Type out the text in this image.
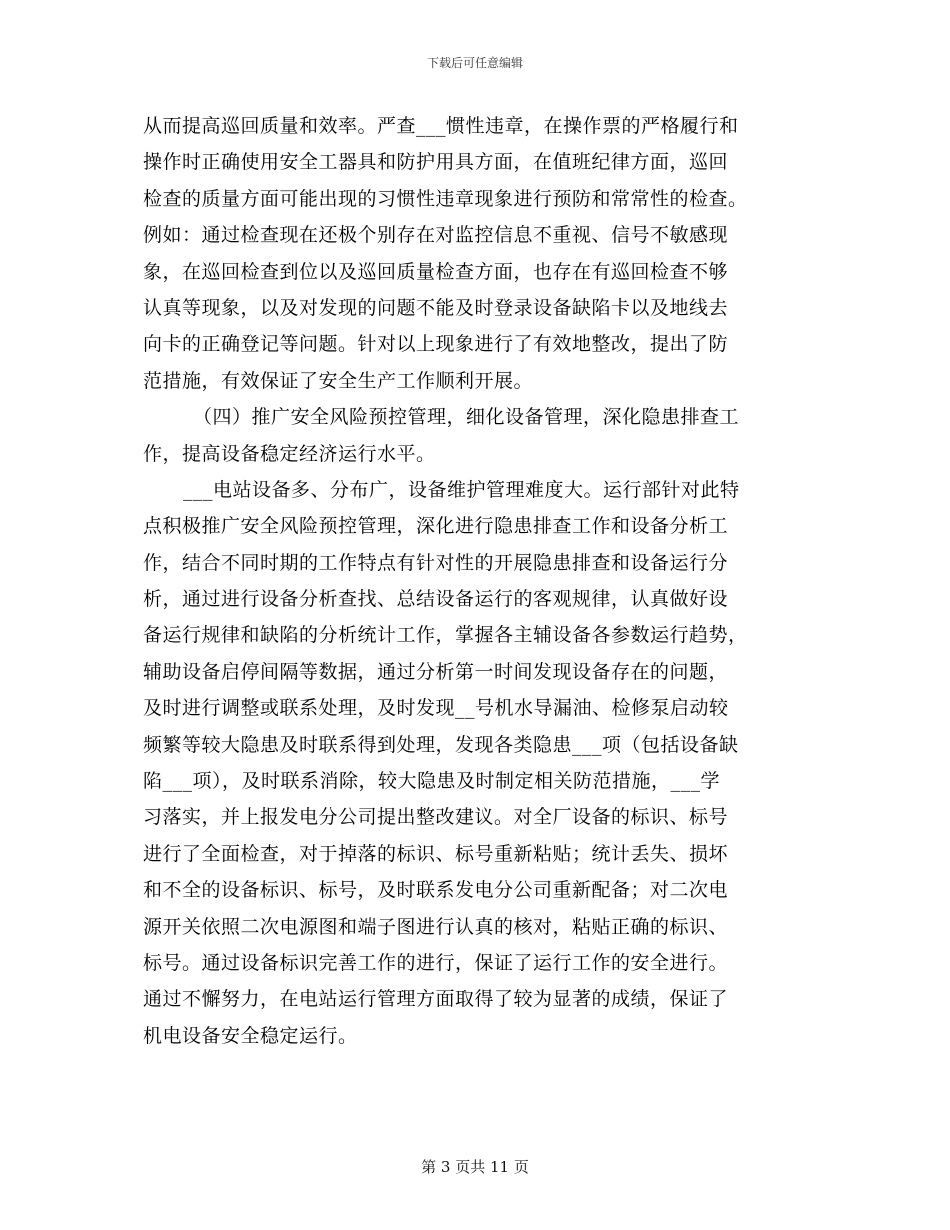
下载后可任意编辑
从而提高巡回质量和效率。严查___惯性违章，在操作票的严格履行和
操作时正确使用安全工器具和防护用具方面，在值班纪律方面，巡回
检查的质量方面可能出现的习惯性违章现象进行预防和常常性的检查。
例如：通过检查现在还极个别存在对监控信息不重视、信号不敏感现
象，在巡回检查到位以及巡回质量检查方面，也存在有巡回检查不够
认真等现象，以及对发现的问题不能及时登录设备缺陷卡以及地线去
向卡的正确登记等问题。针对以上现象进行了有效地整改，提出了防
范措施，有效保证了安全生产工作顺利开展。
（四）推广安全风险预控管理，细化设备管理，深化隐患排查工
作，提高设备稳定经济运行水平。
___电站设备多、分布广，设备维护管理难度大。运行部针对此特
点积极推广安全风险预控管理，深化进行隐患排查工作和设备分析工
作，结合不同时期的工作特点有针对性的开展隐患排查和设备运行分
析，通过进行设备分析查找、总结设备运行的客观规律，认真做好设
备运行规律和缺陷的分析统计工作，掌握各主辅设备各参数运行趋势，
辅助设备启停间隔等数据，通过分析第一时间发现设备存在的问题，
及时进行调整或联系处理，及时发现__号机水导漏油、检修泵启动较
频繁等较大隐患及时联系得到处理，发现各类隐患___项（包括设备缺
陷___项），及时联系消除，较大隐患及时制定相关防范措施，___学
习落实，并上报发电分公司提出整改建议。对全厂设备的标识、标号
进行了全面检查，对于掉落的标识、标号重新粘贴；统计丢失、损坏
和不全的设备标识、标号，及时联系发电分公司重新配备；对二次电
源开关依照二次电源图和端子图进行认真的核对，粘贴正确的标识、
标号。通过设备标识完善工作的进行，保证了运行工作的安全进行。
通过不懈努力，在电站运行管理方面取得了较为显著的成绩，保证了
机电设备安全稳定运行。
第 3 页共 11 页
